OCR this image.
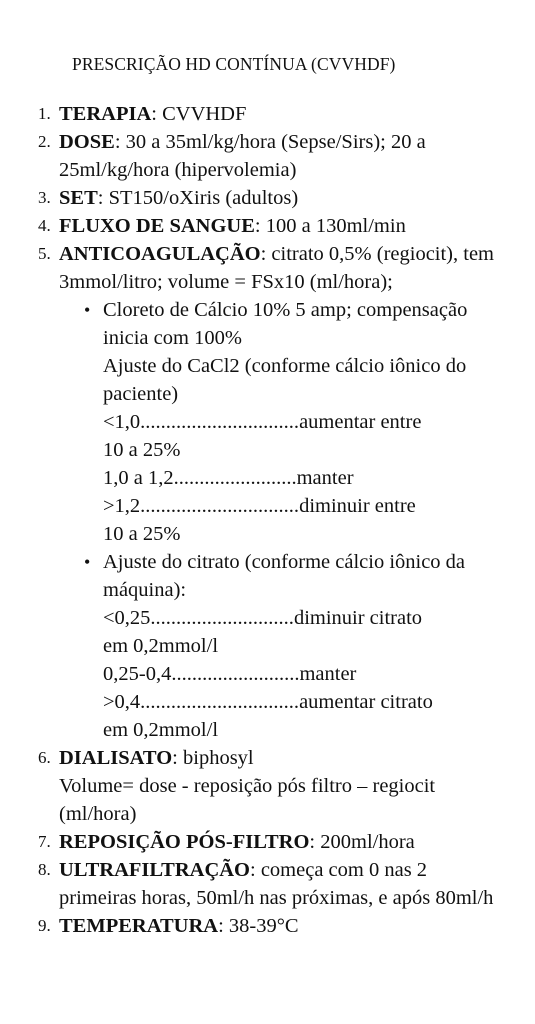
PRESCRIÇÃO HD CONTÍNUA (CVVHDF)
1. TERAPIA: CVVHDF
2. DOSE: 30 a 35ml/kg/hora (Sepse/Sirs); 20 a 25ml/kg/hora (hipervolemia)
3. SET: ST150/oXiris (adultos)
4. FLUXO DE SANGUE: 100 a 130ml/min
5. ANTICOAGULAÇÃO: citrato 0,5% (regiocit), tem 3mmol/litro; volume = FSx10 (ml/hora);
• Cloreto de Cálcio 10% 5 amp; compensação inicia com 100%
Ajuste do CaCl2 (conforme cálcio iônico do paciente)
<1,0...............................aumentar entre
10 a 25%
1,0 a 1,2........................manter
>1,2...............................diminuir entre
10 a 25%
• Ajuste do citrato (conforme cálcio iônico da máquina):
<0,25............................diminuir citrato
em 0,2mmol/l
0,25-0,4.........................manter
>0,4...............................aumentar citrato
em 0,2mmol/l
6. DIALISATO: biphosyl
Volume= dose - reposição pós filtro – regiocit (ml/hora)
7. REPOSIÇÃO PÓS-FILTRO: 200ml/hora
8. ULTRAFILTRAÇÃO: começa com 0 nas 2 primeiras horas, 50ml/h nas próximas, e após 80ml/h
9. TEMPERATURA: 38-39°C
